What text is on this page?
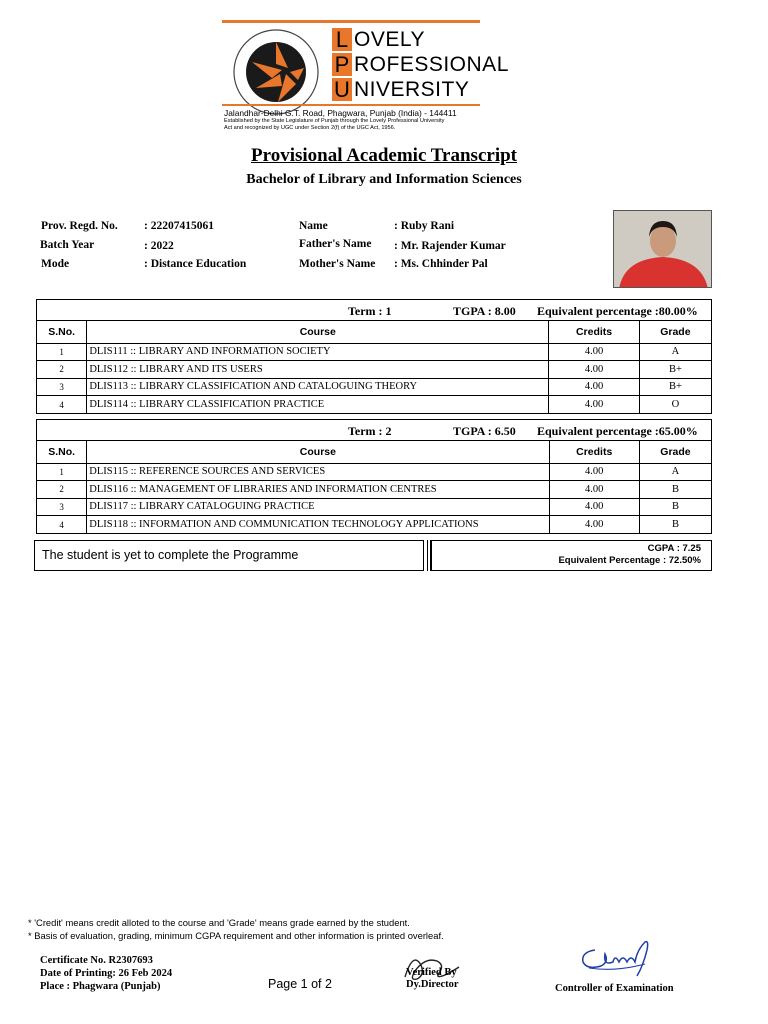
L OVELY
P ROFESSIONAL
U NIVERSITY
Jalandhar-Delhi G.T. Road, Phagwara, Punjab (India) - 144411
Established by the State Legislature of Punjab through the Lovely Professional University
Act and recognized by UGC under Section 2(f) of the UGC Act, 1956.
Provisional Academic Transcript
Bachelor of Library and Information Sciences
Prov. Regd. No. : 22207415061
Batch Year	: 2022
Mode	: Distance Education
Name	: Ruby Rani
Father's Name : Mr. Rajender Kumar
Mother's Name : Ms. Chhinder Pal
Term : 1	TGPA : 8.00 Equivalent percentage :80.00%
S.No.	Course	Credits	Grade
1	DLIS111 :: LIBRARY AND INFORMATION SOCIETY	4.00	A
2	DLIS112 :: LIBRARY AND ITS USERS	4.00	B+
3	DLIS113 :: LIBRARY CLASSIFICATION AND CATALOGUING THEORY	4.00	B+
4	DLIS114 :: LIBRARY CLASSIFICATION PRACTICE	4.00	O
Term : 2	TGPA : 6.50 Equivalent percentage :65.00%
S.No.	Course	Credits	Grade
1	DLIS115 :: REFERENCE SOURCES AND SERVICES	4.00	A
2	DLIS116 :: MANAGEMENT OF LIBRARIES AND INFORMATION CENTRES	4.00	B
3	DLIS117 :: LIBRARY CATALOGUING PRACTICE	4.00	B
4	DLIS118 :: INFORMATION AND COMMUNICATION TECHNOLOGY APPLICATIONS	4.00	B
The student is yet to complete the Programme	CGPA : 7.25
Equivalent Percentage : 72.50%
* 'Credit' means credit alloted to the course and 'Grade' means grade earned by the student.
* Basis of evaluation, grading, minimum CGPA requirement and other information is printed overleaf.
Certificate No. R2307693
Date of Printing: 26 Feb 2024
Place : Phagwara (Punjab)	Page 1 of 2
Verified By
Dy.Director	Controller of Examination
